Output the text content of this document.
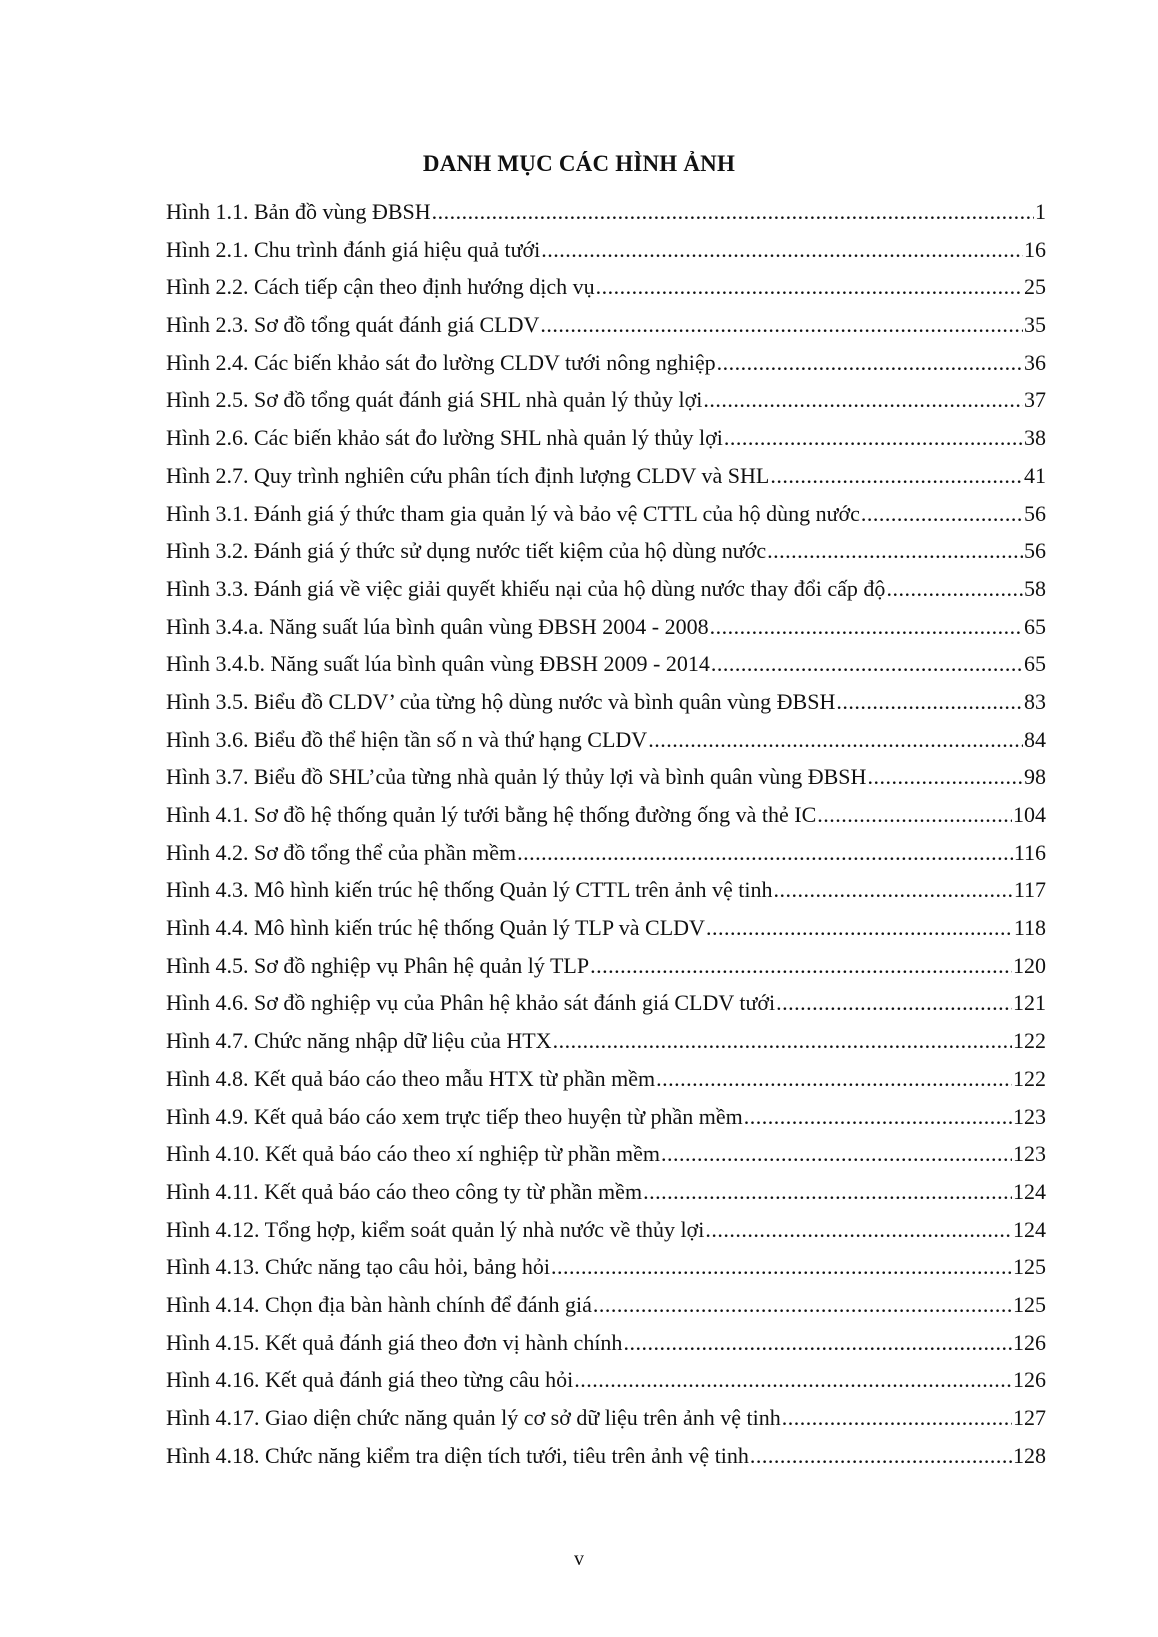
DANH MỤC CÁC HÌNH ẢNH
Hình 1.1. Bản đồ vùng ĐBSH .....	1
Hình 2.1. Chu trình đánh giá hiệu quả tưới .....	16
Hình 2.2. Cách tiếp cận theo định hướng dịch vụ .....	25
Hình 2.3. Sơ đồ tổng quát đánh giá CLDV .....	35
Hình 2.4. Các biến khảo sát đo lường CLDV tưới nông nghiệp .....	36
Hình 2.5. Sơ đồ tổng quát đánh giá SHL nhà quản lý thủy lợi .....	37
Hình 2.6. Các biến khảo sát đo lường SHL nhà quản lý thủy lợi .....	38
Hình 2.7. Quy trình nghiên cứu phân tích định lượng CLDV và SHL .....	41
Hình 3.1. Đánh giá ý thức tham gia quản lý và bảo vệ CTTL của hộ dùng nước .....	56
Hình 3.2. Đánh giá ý thức sử dụng nước tiết kiệm của hộ dùng nước .....	56
Hình 3.3. Đánh giá về việc giải quyết khiếu nại của hộ dùng nước thay đổi cấp độ .....	58
Hình 3.4.a. Năng suất lúa bình quân vùng ĐBSH 2004 - 2008 .....	65
Hình 3.4.b. Năng suất lúa bình quân vùng ĐBSH 2009 - 2014 .....	65
Hình 3.5. Biểu đồ CLDV’ của từng hộ dùng nước và bình quân vùng ĐBSH .....	83
Hình 3.6. Biểu đồ thể hiện tần số n và thứ hạng CLDV .....	84
Hình 3.7. Biểu đồ SHL’của từng nhà quản lý thủy lợi và bình quân vùng ĐBSH .....	98
Hình 4.1. Sơ đồ hệ thống quản lý tưới bằng hệ thống đường ống và thẻ IC .....	104
Hình 4.2. Sơ đồ tổng thể của phần mềm .....	116
Hình 4.3. Mô hình kiến trúc hệ thống Quản lý CTTL trên ảnh vệ tinh .....	117
Hình 4.4. Mô hình kiến trúc hệ thống Quản lý TLP và CLDV .....	118
Hình 4.5. Sơ đồ nghiệp vụ Phân hệ quản lý TLP .....	120
Hình 4.6. Sơ đồ nghiệp vụ của Phân hệ khảo sát đánh giá CLDV tưới .....	121
Hình 4.7. Chức năng nhập dữ liệu của HTX .....	122
Hình 4.8. Kết quả báo cáo theo mẫu HTX từ phần mềm .....	122
Hình 4.9. Kết quả báo cáo xem trực tiếp theo huyện từ phần mềm .....	123
Hình 4.10. Kết quả báo cáo theo xí nghiệp từ phần mềm .....	123
Hình 4.11. Kết quả báo cáo theo công ty từ phần mềm .....	124
Hình 4.12. Tổng hợp, kiểm soát quản lý nhà nước về thủy lợi .....	124
Hình 4.13. Chức năng tạo câu hỏi, bảng hỏi .....	125
Hình 4.14. Chọn địa bàn hành chính để đánh giá .....	125
Hình 4.15. Kết quả đánh giá theo đơn vị hành chính .....	126
Hình 4.16. Kết quả đánh giá theo từng câu hỏi .....	126
Hình 4.17. Giao diện chức năng quản lý cơ sở dữ liệu trên ảnh vệ tinh .....	127
Hình 4.18. Chức năng kiểm tra diện tích tưới, tiêu trên ảnh vệ tinh .....	128
v
